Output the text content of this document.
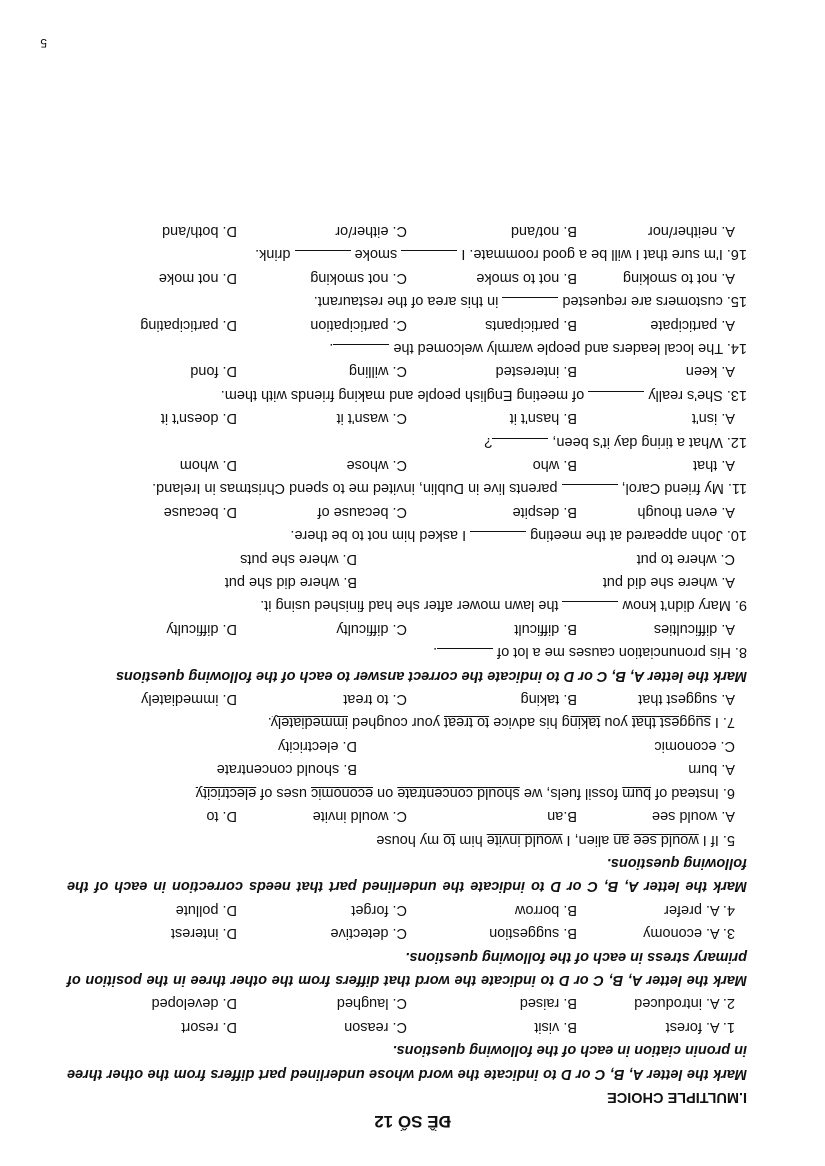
ĐỀ SỐ 12
I.MULTIPLE CHOICE
Mark the letter A, B, C or D to indicate the word whose underlined part differs from the other three in pronin ciation in each of the following questions.
1. A. forest
B. visit
C. reason
D. resort
2. A. introduced
B. raised
C. laughed
D. developed
Mark the letter A, B, C or D to indicate the word that differs from the other three in the position of primary stress in each of the following questions.
3. A. economy
B. suggestion
C. detective
D. interest
4. A. prefer
B. borrow
C. forget
D. pollute
Mark the letter A, B, C or D to indicate the underlined part that needs correction in each of the following questions.
5. If I would see an alien, I would invite him to my house
A. would see
B.an
C. would invite
D. to
6. Instead of burn fossil fuels, we should concentrate on economic uses of electricity
A. burn
B. should concentrate
C. economic
D. electricity
7. I suggest that you taking his advice to treat your coughed immediately.
A. suggest that
B. taking
C. to treat
D. immediately
Mark the letter A, B, C or D to indicate the correct answer to each of the following questions
8. His pronunciation causes me a lot of .
A. difficulties
B. difficult
C. difficulty
D. difficulty
9. Mary didn't know  the lawn mower after she had finished using it.
A. where she did put
B. where did she put
C. where to put
D. where she puts
10. John appeared at the meeting  I asked him not to be there.
A. even though
B. despite
C. because of
D. because
11. My friend Carol,  parents live in Dublin, invited me to spend Christmas in Ireland.
A. that
B. who
C. whose
D. whom
12. What a tiring day it's been, ?
A. isn't
B. hasn't it
C. wasn't it
D. doesn't it
13. She's really  of meeting English people and making friends with them.
A. keen
B. interested
C. willing
D. fond
14. The local leaders and people warmly welcomed the .
A. participate
B. participants
C. participation
D. participating
15. customers are requested  in this area of the restaurant.
A. not to smoking
B. not to smoke
C. not smoking
D. not moke
16. I'm sure that I will be a good roommate. I  smoke  drink.
A. neither/nor
B. not/and
C. either/or
D. both/and
5
